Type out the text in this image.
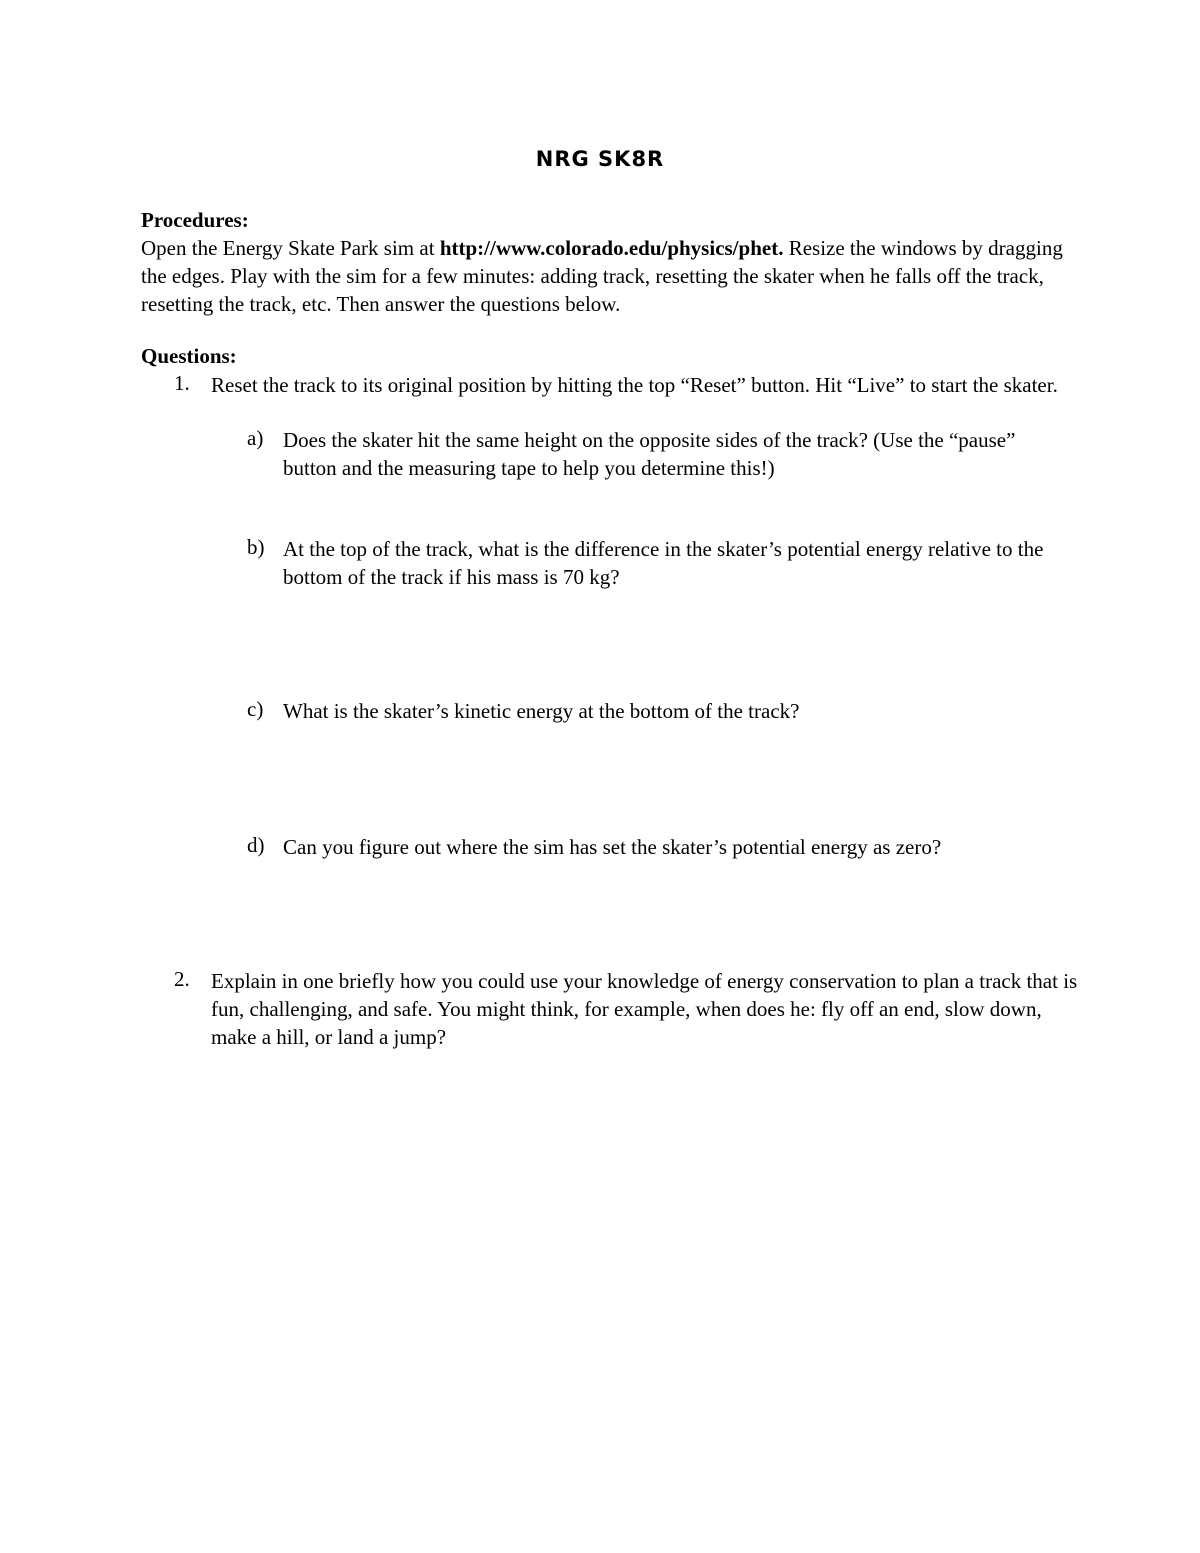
NRG SK8R
Procedures:
Open the Energy Skate Park sim at http://www.colorado.edu/physics/phet. Resize the windows by dragging the edges. Play with the sim for a few minutes: adding track, resetting the skater when he falls off the track, resetting the track, etc. Then answer the questions below.
Questions:
1. Reset the track to its original position by hitting the top “Reset” button. Hit “Live” to start the skater.
a) Does the skater hit the same height on the opposite sides of the track? (Use the “pause” button and the measuring tape to help you determine this!)
b) At the top of the track, what is the difference in the skater’s potential energy relative to the bottom of the track if his mass is 70 kg?
c) What is the skater’s kinetic energy at the bottom of the track?
d) Can you figure out where the sim has set the skater’s potential energy as zero?
2. Explain in one briefly how you could use your knowledge of energy conservation to plan a track that is fun, challenging, and safe. You might think, for example, when does he: fly off an end, slow down, make a hill, or land a jump?
